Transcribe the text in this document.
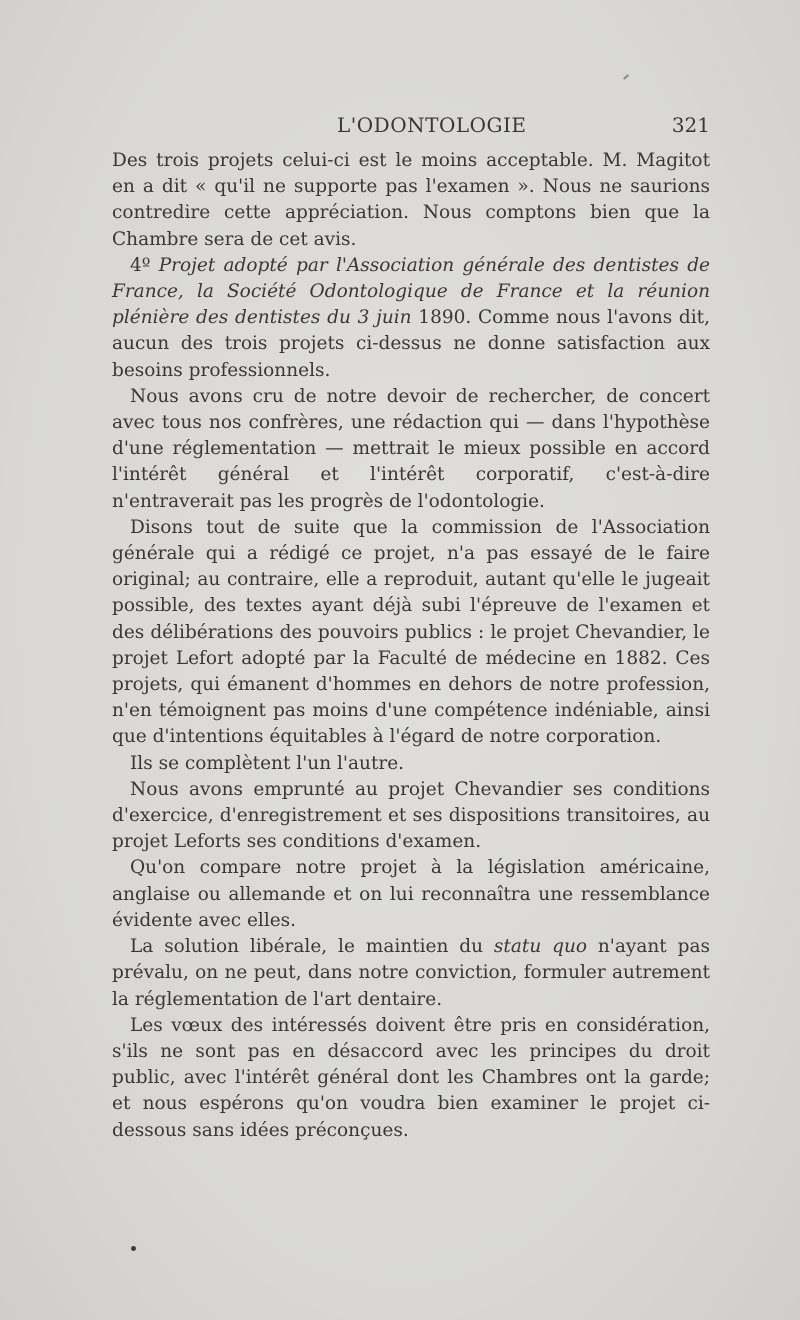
L'ODONTOLOGIE	321

Des trois projets celui-ci est le moins acceptable. M. Magitot en a dit « qu'il ne supporte pas l'examen ». Nous ne saurions contredire cette appréciation. Nous comptons bien que la Chambre sera de cet avis.

4º Projet adopté par l'Association générale des dentistes de France, la Société Odontologique de France et la réunion plénière des dentistes du 3 juin 1890. Comme nous l'avons dit, aucun des trois projets ci-dessus ne donne satisfaction aux besoins professionnels.

Nous avons cru de notre devoir de rechercher, de concert avec tous nos confrères, une rédaction qui — dans l'hypothèse d'une réglementation — mettrait le mieux possible en accord l'intérêt général et l'intérêt corporatif, c'est-à-dire n'entraverait pas les progrès de l'odontologie.

Disons tout de suite que la commission de l'Association générale qui a rédigé ce projet, n'a pas essayé de le faire original; au contraire, elle a reproduit, autant qu'elle le jugeait possible, des textes ayant déjà subi l'épreuve de l'examen et des délibérations des pouvoirs publics : le projet Chevandier, le projet Lefort adopté par la Faculté de médecine en 1882. Ces projets, qui émanent d'hommes en dehors de notre profession, n'en témoignent pas moins d'une compétence indéniable, ainsi que d'intentions équitables à l'égard de notre corporation.

Ils se complètent l'un l'autre.

Nous avons emprunté au projet Chevandier ses conditions d'exercice, d'enregistrement et ses dispositions transitoires, au projet Leforts ses conditions d'examen.

Qu'on compare notre projet à la législation américaine, anglaise ou allemande et on lui reconnaîtra une ressemblance évidente avec elles.

La solution libérale, le maintien du statu quo n'ayant pas prévalu, on ne peut, dans notre conviction, formuler autrement la réglementation de l'art dentaire.

Les vœux des intéressés doivent être pris en considération, s'ils ne sont pas en désaccord avec les principes du droit public, avec l'intérêt général dont les Chambres ont la garde; et nous espérons qu'on voudra bien examiner le projet ci-dessous sans idées préconçues.
